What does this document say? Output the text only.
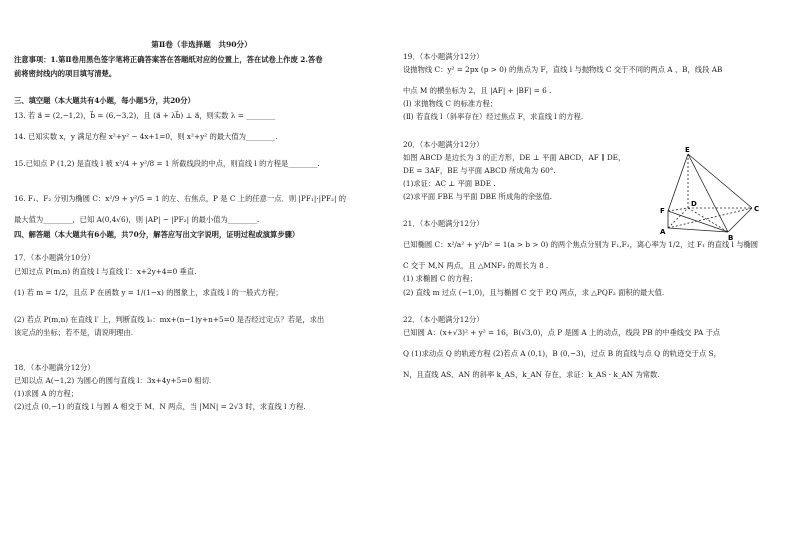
第Ⅱ卷（非选择题　共90分）
注意事项：1.第Ⅱ卷用黑色签字笔将正确答案答在答题纸对应的位置上，答在试卷上作废 2.答卷
前将密封线内的项目填写清楚。
三、填空题（本大题共有4小题，每小题5分，共20分）
13. 若 a⃗ = (2,−1,2)，b⃗ = (6,−3,2)，且 (a⃗ + λb⃗) ⊥ a⃗，则实数 λ = ________
14. 已知实数 x，y 满足方程 x²+y² − 4x+1=0，则 x²+y² 的最大值为________.
15.已知点 P (1,2) 是直线 l 被 x²/4 + y²/8 = 1 所截线段的中点，则直线 l 的方程是________.
16. F₁、F₂ 分别为椭圆 C：x²/9 + y²/5 = 1 的左、右焦点，P 是 C 上的任意一点．则 |PF₁|·|PF₂| 的
最大值为________，已知 A(0,4√6)，则 |AP| − |PF₂| 的最小值为________.
四、解答题（本大题共有6小题，共70分，解答应写出文字说明，证明过程或演算步骤）
17．（本小题满分10分）
已知过点 P(m,n) 的直线 l 与直线 l′：x+2y+4=0 垂直.
(1) 若 m = 1/2，且点 P 在函数 y = 1/(1−x) 的图象上，求直线 l 的一般式方程；
(2) 若点 P(m,n) 在直线 l′ 上，判断直线 l₀：mx+(n−1)y+n+5=0 是否经过定点？若是，求出
该定点的坐标；若不是，请说明理由.
18．（本小题满分12分）
已知以点 A(−1,2) 为圆心的圆与直线 l：3x+4y+5=0 相切.
(1)求圆 A 的方程；
(2)过点 (0,−1) 的直线 l 与圆 A 相交于 M、N 两点，当 |MN| = 2√3 时，求直线 l 方程.
19．（本小题满分12分）
设抛物线 C：y² = 2px (p > 0) 的焦点为 F，直线 l 与抛物线 C 交于不同的两点 A 、B，线段 AB
中点 M 的横坐标为 2，且 |AF| + |BF| = 6 .
(Ⅰ) 求抛物线 C 的标准方程；
(Ⅱ) 若直线 l（斜率存在）经过焦点 F，求直线 l 的方程.
20．（本小题满分12分）
如图 ABCD 是边长为 3 的正方形，DE ⊥ 平面 ABCD，AF ∥ DE，
DE = 3AF，BE 与平面 ABCD 所成角为 60°.
(1)求证：AC ⊥ 平面 BDE .
(2)求平面 FBE 与平面 DBE 所成角的余弦值.
21．（本小题满分12分）
已知椭圆 C：x²/a² + y²/b² = 1(a > b > 0) 的两个焦点分别为 F₁,F₂，离心率为 1/2，过 F₁ 的直线 l 与椭圆
C 交于 M,N 两点，且 △MNF₂ 的周长为 8 .
(1) 求椭圆 C 的方程；
(2) 直线 m 过点 (−1,0)，且与椭圆 C 交于 P,Q 两点，求 △PQF₂ 面积的最大值.
22．（本小题满分12分）
已知圆 A：(x+√3)² + y² = 16，B(√3,0)，点 P 是圆 A 上的动点，线段 PB 的中垂线交 PA 于点
Q (1)求动点 Q 的轨迹方程 (2)若点 A (0,1)，B (0,−3)，过点 B 的直线与点 Q 的轨迹交于点 S，
N，且直线 AS、AN 的斜率 k_AS，k_AN 存在，求证：k_AS · k_AN 为常数.
E
F
D
C
A
B
